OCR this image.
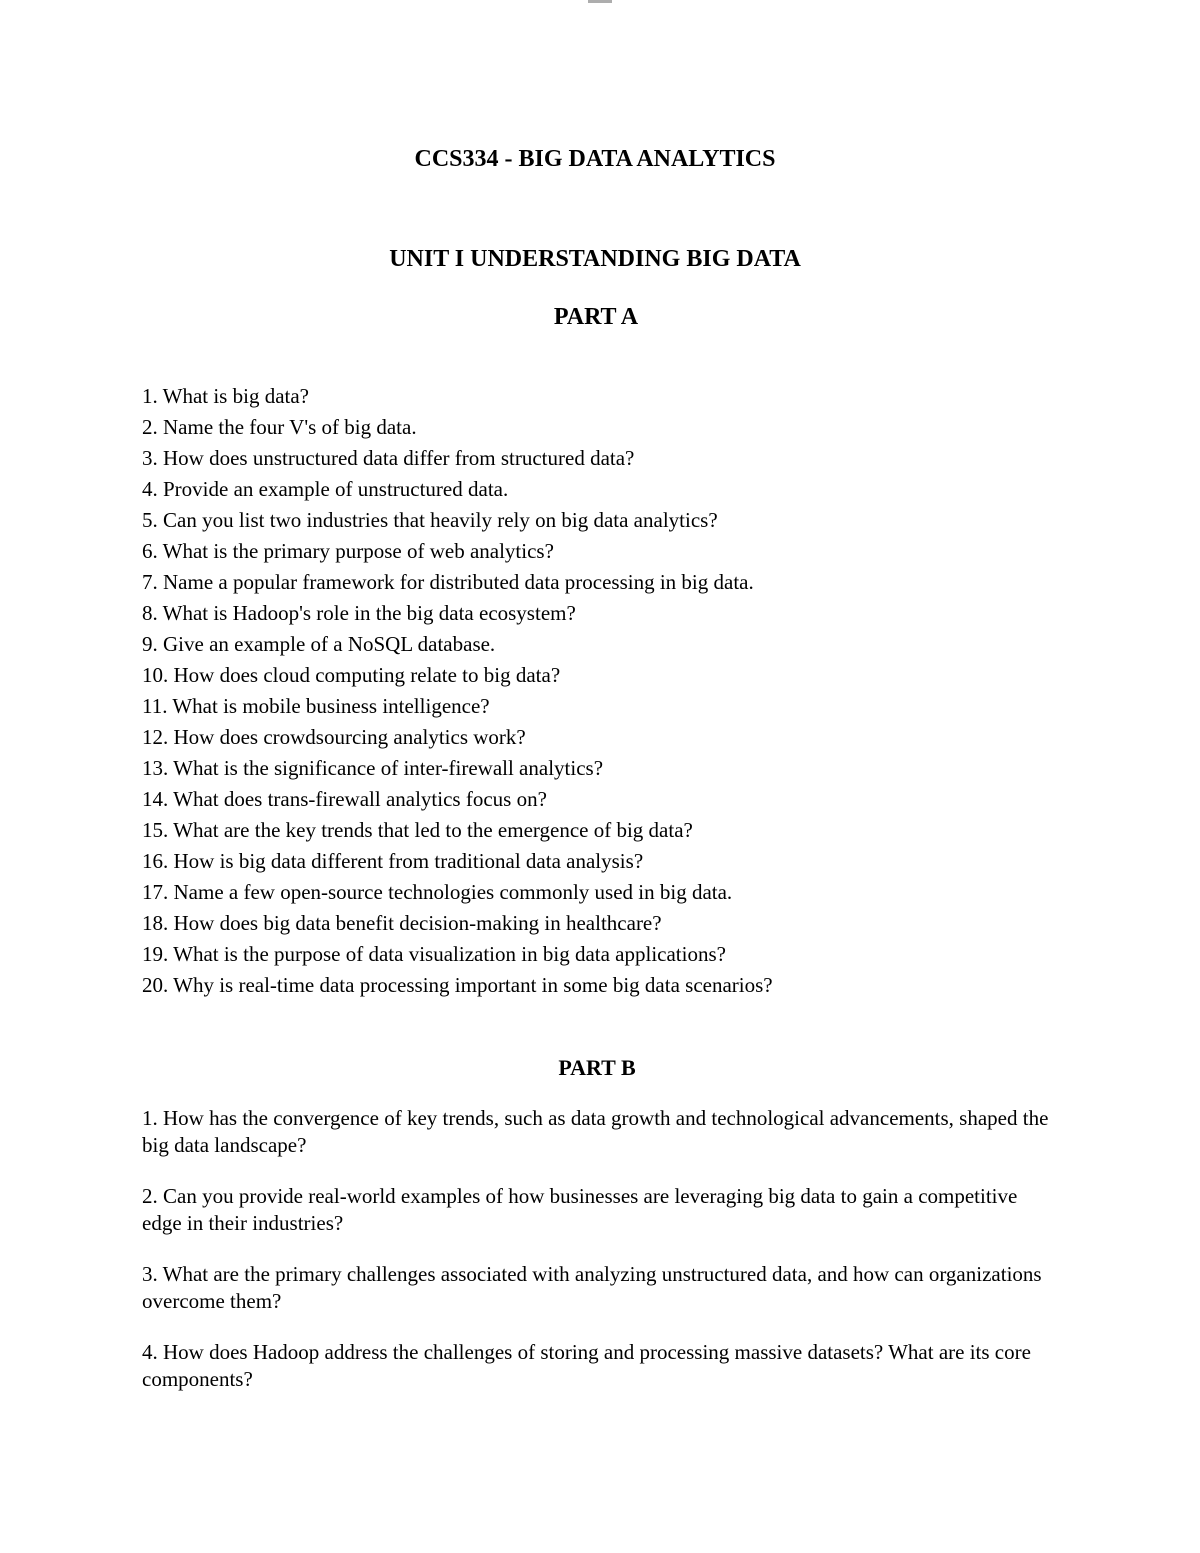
CCS334 - BIG DATA ANALYTICS
UNIT I UNDERSTANDING BIG DATA
PART A
1. What is big data?
2. Name the four V's of big data.
3. How does unstructured data differ from structured data?
4. Provide an example of unstructured data.
5. Can you list two industries that heavily rely on big data analytics?
6. What is the primary purpose of web analytics?
7. Name a popular framework for distributed data processing in big data.
8. What is Hadoop's role in the big data ecosystem?
9. Give an example of a NoSQL database.
10. How does cloud computing relate to big data?
11. What is mobile business intelligence?
12. How does crowdsourcing analytics work?
13. What is the significance of inter-firewall analytics?
14. What does trans-firewall analytics focus on?
15. What are the key trends that led to the emergence of big data?
16. How is big data different from traditional data analysis?
17. Name a few open-source technologies commonly used in big data.
18. How does big data benefit decision-making in healthcare?
19. What is the purpose of data visualization in big data applications?
20. Why is real-time data processing important in some big data scenarios?
PART B
1. How has the convergence of key trends, such as data growth and technological advancements, shaped the big data landscape?
2. Can you provide real-world examples of how businesses are leveraging big data to gain a competitive edge in their industries?
3. What are the primary challenges associated with analyzing unstructured data, and how can organizations overcome them?
4. How does Hadoop address the challenges of storing and processing massive datasets? What are its core components?
